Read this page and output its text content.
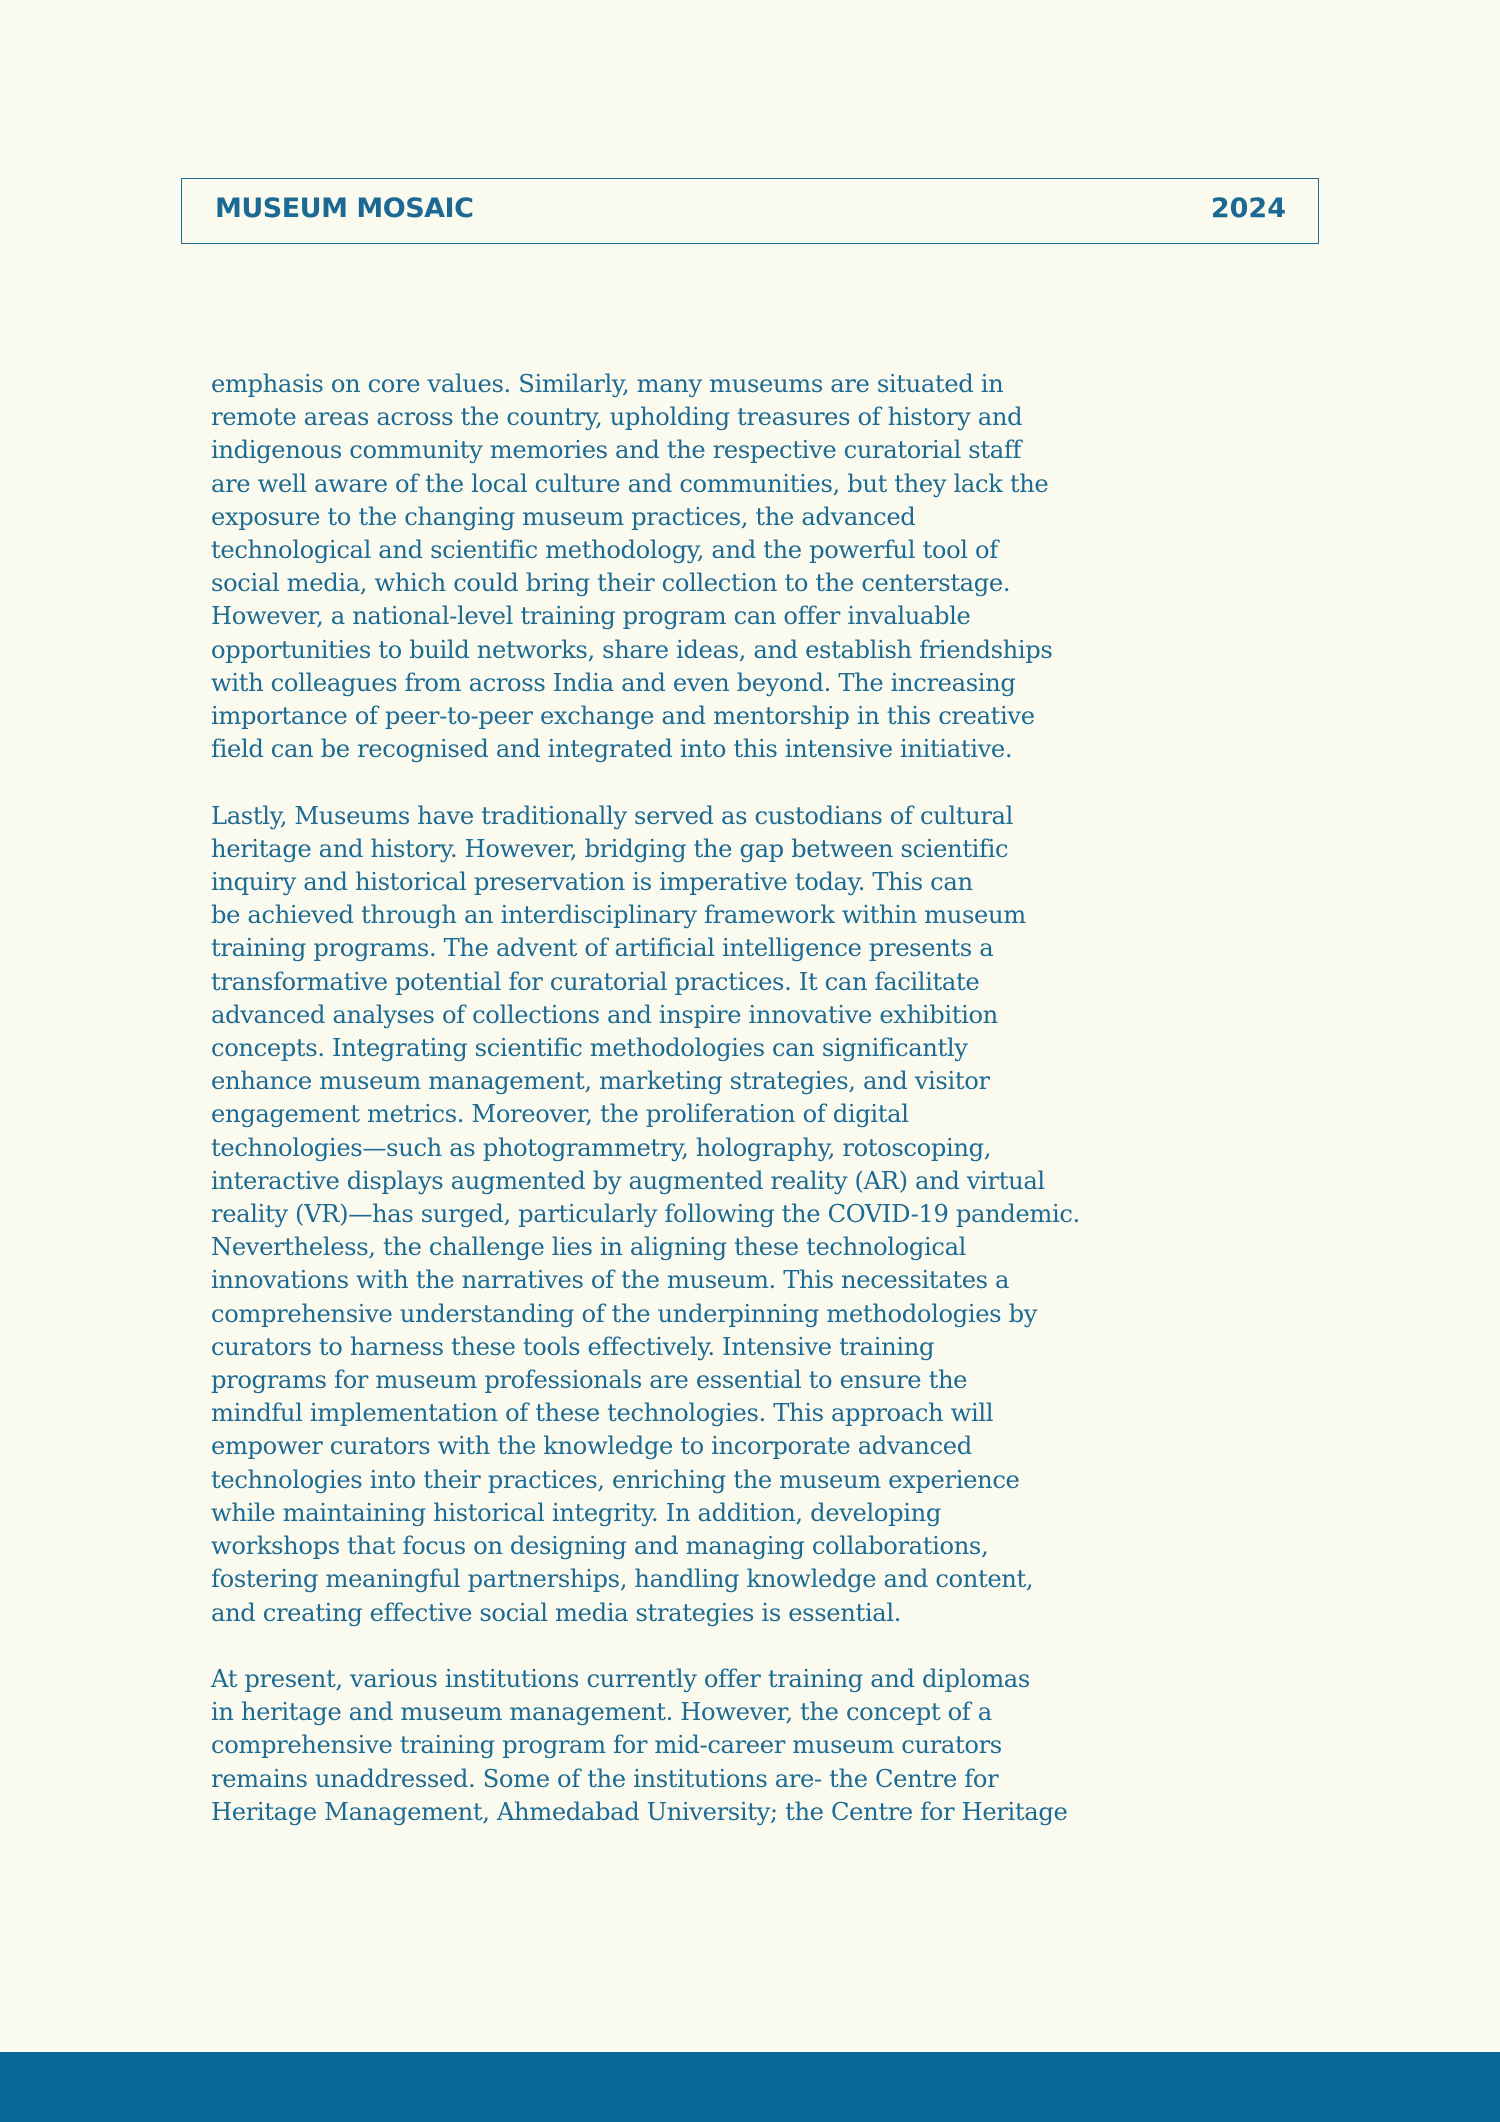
MUSEUM MOSAIC	2024
emphasis on core values. Similarly, many museums are situated in
remote areas across the country, upholding treasures of history and
indigenous community memories and the respective curatorial staff
are well aware of the local culture and communities, but they lack the
exposure to the changing museum practices, the advanced
technological and scientific methodology, and the powerful tool of
social media, which could bring their collection to the centerstage.
However, a national-level training program can offer invaluable
opportunities to build networks, share ideas, and establish friendships
with colleagues from across India and even beyond. The increasing
importance of peer-to-peer exchange and mentorship in this creative
field can be recognised and integrated into this intensive initiative.
Lastly, Museums have traditionally served as custodians of cultural
heritage and history. However, bridging the gap between scientific
inquiry and historical preservation is imperative today. This can
be achieved through an interdisciplinary framework within museum
training programs. The advent of artificial intelligence presents a
transformative potential for curatorial practices. It can facilitate
advanced analyses of collections and inspire innovative exhibition
concepts. Integrating scientific methodologies can significantly
enhance museum management, marketing strategies, and visitor
engagement metrics. Moreover, the proliferation of digital
technologies—such as photogrammetry, holography, rotoscoping,
interactive displays augmented by augmented reality (AR) and virtual
reality (VR)—has surged, particularly following the COVID-19 pandemic.
Nevertheless, the challenge lies in aligning these technological
innovations with the narratives of the museum. This necessitates a
comprehensive understanding of the underpinning methodologies by
curators to harness these tools effectively. Intensive training
programs for museum professionals are essential to ensure the
mindful implementation of these technologies. This approach will
empower curators with the knowledge to incorporate advanced
technologies into their practices, enriching the museum experience
while maintaining historical integrity. In addition, developing
workshops that focus on designing and managing collaborations,
fostering meaningful partnerships, handling knowledge and content,
and creating effective social media strategies is essential.
At present, various institutions currently offer training and diplomas
in heritage and museum management. However, the concept of a
comprehensive training program for mid-career museum curators
remains unaddressed. Some of the institutions are- the Centre for
Heritage Management, Ahmedabad University; the Centre for Heritage
